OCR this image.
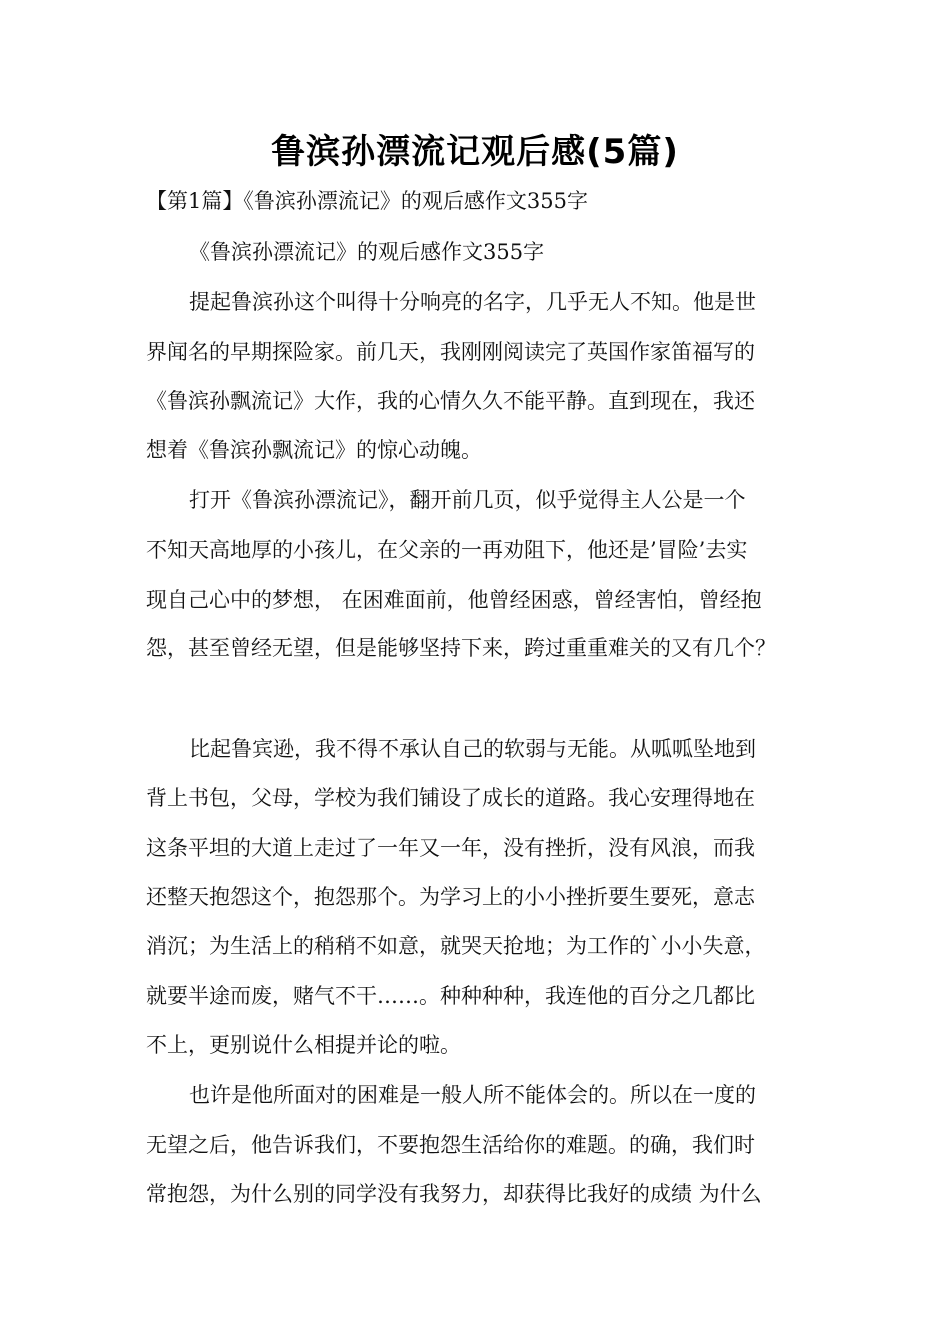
鲁滨孙漂流记观后感(5篇)

【第1篇】《鲁滨孙漂流记》的观后感作文355字

《鲁滨孙漂流记》的观后感作文355字

提起鲁滨孙这个叫得十分响亮的名字，几乎无人不知。他是世

界闻名的早期探险家。前几天，我刚刚阅读完了英国作家笛福写的

《鲁滨孙飘流记》大作，我的心情久久不能平静。直到现在，我还

想着《鲁滨孙飘流记》的惊心动魄。

打开《鲁滨孙漂流记》，翻开前几页，似乎觉得主人公是一个

不知天高地厚的小孩儿，在父亲的一再劝阻下，他还是’冒险’去实

现自己心中的梦想， 在困难面前，他曾经困惑，曾经害怕，曾经抱

怨，甚至曾经无望，但是能够坚持下来，跨过重重难关的又有几个？

比起鲁宾逊，我不得不承认自己的软弱与无能。从呱呱坠地到

背上书包，父母，学校为我们铺设了成长的道路。我心安理得地在

这条平坦的大道上走过了一年又一年，没有挫折，没有风浪，而我

还整天抱怨这个，抱怨那个。为学习上的小小挫折要生要死，意志

消沉；为生活上的稍稍不如意，就哭天抢地；为工作的`小小失意，

就要半途而废，赌气不干……。种种种种，我连他的百分之几都比

不上，更别说什么相提并论的啦。

也许是他所面对的困难是一般人所不能体会的。所以在一度的

无望之后，他告诉我们，不要抱怨生活给你的难题。的确，我们时

常抱怨，为什么别的同学没有我努力，却获得比我好的成绩 为什么
